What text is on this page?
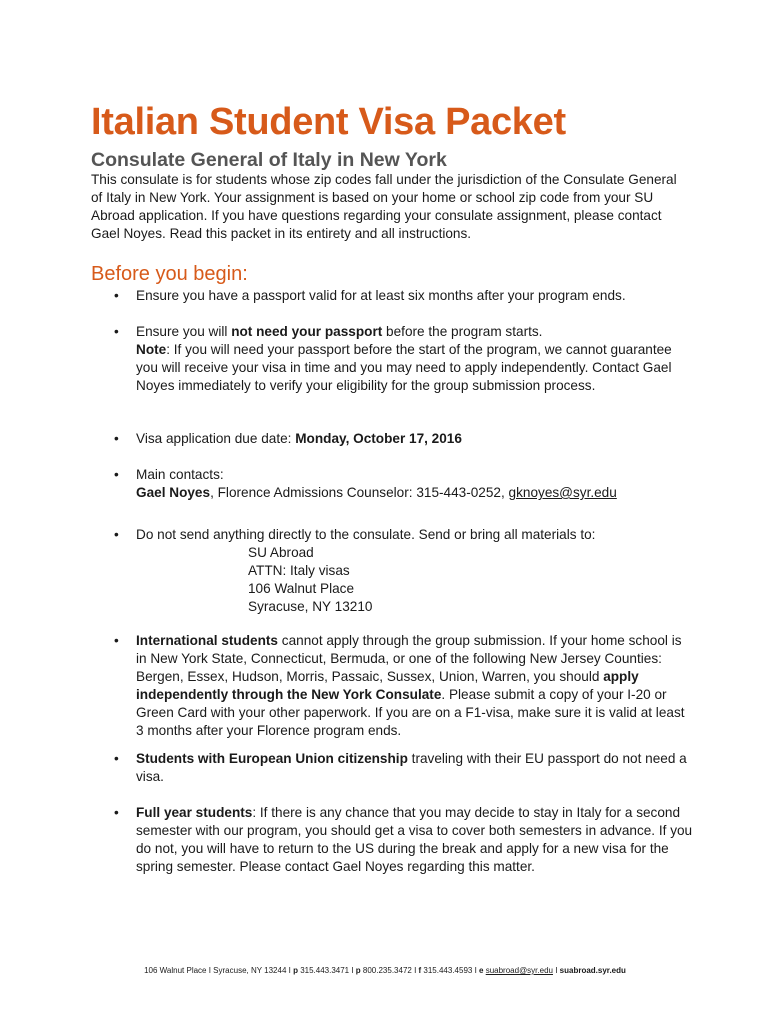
Italian Student Visa Packet
Consulate General of Italy in New York

This consulate is for students whose zip codes fall under the jurisdiction of the Consulate General of Italy in New York. Your assignment is based on your home or school zip code from your SU Abroad application. If you have questions regarding your consulate assignment, please contact Gael Noyes. Read this packet in its entirety and all instructions.

Before you begin:
•	Ensure you have a passport valid for at least six months after your program ends.
•	Ensure you will not need your passport before the program starts.
Note: If you will need your passport before the start of the program, we cannot guarantee you will receive your visa in time and you may need to apply independently. Contact Gael Noyes immediately to verify your eligibility for the group submission process.
•	Visa application due date: Monday, October 17, 2016
•	Main contacts:
Gael Noyes, Florence Admissions Counselor: 315-443-0252, gknoyes@syr.edu
•	Do not send anything directly to the consulate. Send or bring all materials to:
SU Abroad
ATTN: Italy visas
106 Walnut Place
Syracuse, NY 13210
•	International students cannot apply through the group submission. If your home school is in New York State, Connecticut, Bermuda, or one of the following New Jersey Counties: Bergen, Essex, Hudson, Morris, Passaic, Sussex, Union, Warren, you should apply independently through the New York Consulate. Please submit a copy of your I-20 or Green Card with your other paperwork. If you are on a F1-visa, make sure it is valid at least 3 months after your Florence program ends.
•	Students with European Union citizenship traveling with their EU passport do not need a visa.
•	Full year students: If there is any chance that you may decide to stay in Italy for a second semester with our program, you should get a visa to cover both semesters in advance. If you do not, you will have to return to the US during the break and apply for a new visa for the spring semester. Please contact Gael Noyes regarding this matter.
106 Walnut Place I Syracuse, NY 13244 I p 315.443.3471 I p 800.235.3472 I f 315.443.4593 I e suabroad@syr.edu I suabroad.syr.edu
